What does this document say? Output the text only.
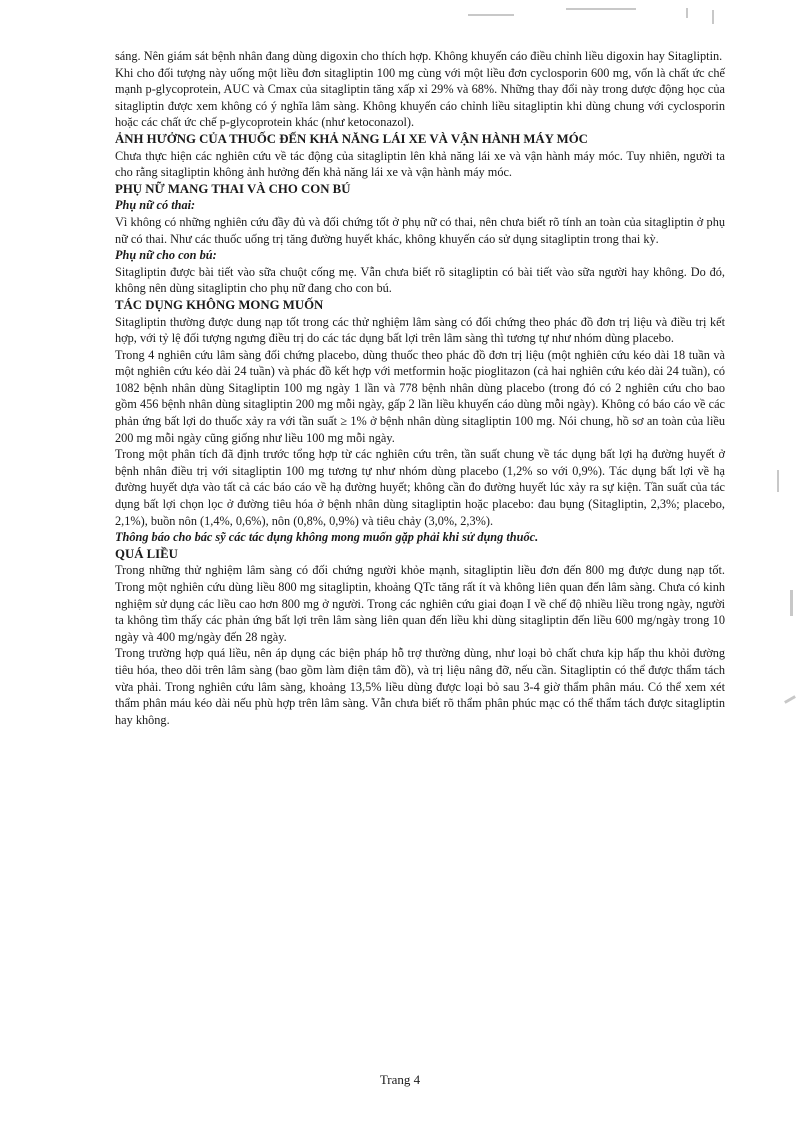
sáng. Nên giám sát bệnh nhân đang dùng digoxin cho thích hợp. Không khuyến cáo điều chỉnh liều digoxin hay Sitagliptin.

Khi cho đối tượng này uống một liều đơn sitagliptin 100 mg cùng với một liều đơn cyclosporin 600 mg, vốn là chất ức chế mạnh p-glycoprotein, AUC và Cmax của sitagliptin tăng xấp xỉ 29% và 68%. Những thay đổi này trong dược động học của sitagliptin được xem không có ý nghĩa lâm sàng. Không khuyến cáo chỉnh liều sitagliptin khi dùng chung với cyclosporin hoặc các chất ức chế p-glycoprotein khác (như ketoconazol).

ẢNH HƯỞNG CỦA THUỐC ĐẾN KHẢ NĂNG LÁI XE VÀ VẬN HÀNH MÁY MÓC

Chưa thực hiện các nghiên cứu về tác động của sitagliptin lên khả năng lái xe và vận hành máy móc. Tuy nhiên, người ta cho rằng sitagliptin không ảnh hưởng đến khả năng lái xe và vận hành máy móc.

PHỤ NỮ MANG THAI VÀ CHO CON BÚ
Phụ nữ có thai:

Vì không có những nghiên cứu đầy đủ và đối chứng tốt ở phụ nữ có thai, nên chưa biết rõ tính an toàn của sitagliptin ở phụ nữ có thai. Như các thuốc uống trị tăng đường huyết khác, không khuyến cáo sử dụng sitagliptin trong thai kỳ.

Phụ nữ cho con bú:

Sitagliptin được bài tiết vào sữa chuột cống mẹ. Vẫn chưa biết rõ sitagliptin có bài tiết vào sữa người hay không. Do đó, không nên dùng sitagliptin cho phụ nữ đang cho con bú.

TÁC DỤNG KHÔNG MONG MUỐN

Sitagliptin thường được dung nạp tốt trong các thử nghiệm lâm sàng có đối chứng theo phác đồ đơn trị liệu và điều trị kết hợp, với tỷ lệ đối tượng ngưng điều trị do các tác dụng bất lợi trên lâm sàng thì tương tự như nhóm dùng placebo.

Trong 4 nghiên cứu lâm sàng đối chứng placebo, dùng thuốc theo phác đồ đơn trị liệu (một nghiên cứu kéo dài 18 tuần và một nghiên cứu kéo dài 24 tuần) và phác đồ kết hợp với metformin hoặc pioglitazon (cả hai nghiên cứu kéo dài 24 tuần), có 1082 bệnh nhân dùng Sitagliptin 100 mg ngày 1 lần và 778 bệnh nhân dùng placebo (trong đó có 2 nghiên cứu cho bao gồm 456 bệnh nhân dùng sitagliptin 200 mg mỗi ngày, gấp 2 lần liều khuyến cáo dùng mỗi ngày). Không có báo cáo về các phản ứng bất lợi do thuốc xảy ra với tần suất ≥ 1% ở bệnh nhân dùng sitagliptin 100 mg. Nói chung, hồ sơ an toàn của liều 200 mg mỗi ngày cũng giống như liều 100 mg mỗi ngày.

Trong một phân tích đã định trước tổng hợp từ các nghiên cứu trên, tần suất chung về tác dụng bất lợi hạ đường huyết ở bệnh nhân điều trị với sitagliptin 100 mg tương tự như nhóm dùng placebo (1,2% so với 0,9%). Tác dụng bất lợi về hạ đường huyết dựa vào tất cả các báo cáo về hạ đường huyết; không cần đo đường huyết lúc xảy ra sự kiện. Tần suất của tác dụng bất lợi chọn lọc ở đường tiêu hóa ở bệnh nhân dùng sitagliptin hoặc placebo: đau bụng (Sitagliptin, 2,3%; placebo, 2,1%), buồn nôn (1,4%, 0,6%), nôn (0,8%, 0,9%) và tiêu chảy (3,0%, 2,3%).

Thông báo cho bác sỹ các tác dụng không mong muốn gặp phải khi sử dụng thuốc.
QUÁ LIỀU

Trong những thử nghiệm lâm sàng có đối chứng người khỏe mạnh, sitagliptin liều đơn đến 800 mg được dung nạp tốt. Trong một nghiên cứu dùng liều 800 mg sitagliptin, khoảng QTc tăng rất ít và không liên quan đến lâm sàng. Chưa có kinh nghiệm sử dụng các liều cao hơn 800 mg ở người. Trong các nghiên cứu giai đoạn I về chế độ nhiều liều trong ngày, người ta không tìm thấy các phản ứng bất lợi trên lâm sàng liên quan đến liều khi dùng sitagliptin đến liều 600 mg/ngày trong 10 ngày và 400 mg/ngày đến 28 ngày.

Trong trường hợp quá liều, nên áp dụng các biện pháp hỗ trợ thường dùng, như loại bỏ chất chưa kịp hấp thu khỏi đường tiêu hóa, theo dõi trên lâm sàng (bao gồm làm điện tâm đồ), và trị liệu nâng đỡ, nếu cần. Sitagliptin có thể được thẩm tách vừa phải. Trong nghiên cứu lâm sàng, khoảng 13,5% liều dùng được loại bỏ sau 3-4 giờ thẩm phân máu. Có thể xem xét thẩm phân máu kéo dài nếu phù hợp trên lâm sàng. Vẫn chưa biết rõ thẩm phân phúc mạc có thể thẩm tách được sitagliptin hay không.

Trang 4
